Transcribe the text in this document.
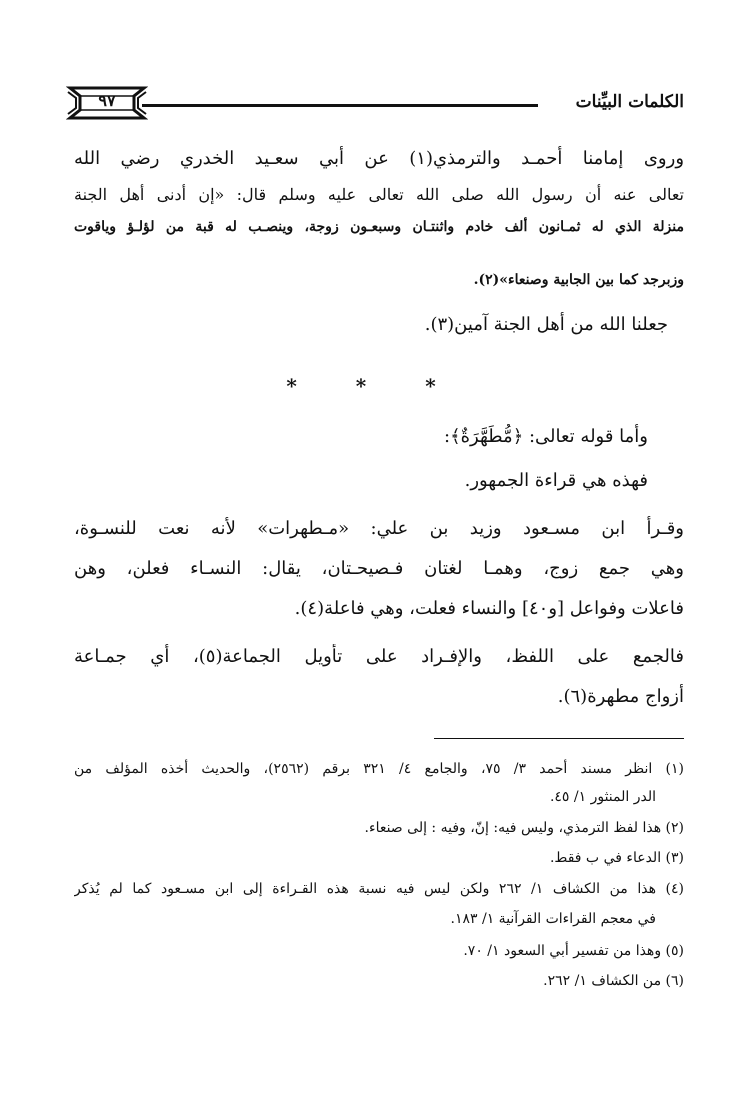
الكلمات البيِّنات
٩٧
وروى إمامنا أحمـد والترمذي(١) عن أبي سعـيد الخدري رضي الله
تعالى عنه أن رسول الله صلى الله تعالى عليه وسلم قال: «إن أدنى أهل الجنة
منزلة الذي له ثمـانون ألف خادم واثنتـان وسبعـون زوجة، وينصـب له قبة من لؤلـؤ وياقوت
وزبرجد كما بين الجابية وصنعاء»(٢).
جعلنا الله من أهل الجنة آمين(٣).
* * *
وأما قوله تعالى: ﴿مُّطَهَّرَةٌ﴾:
فهذه هي قراءة الجمهور.
وقـرأ ابن مسـعود وزيد بن علي: «مـطهرات» لأنه نعت للنسـوة،
وهي جمع زوج، وهمـا لغتان فـصيحـتان، يقال: النسـاء فعلن، وهن
فاعلات وفواعل [و٤٠] والنساء فعلت، وهي فاعلة(٤).
فالجمع على اللفظ، والإفـراد على تأويل الجماعة(٥)، أي جمـاعة
أزواج مطهرة(٦).
(١) انظر مسند أحمد ٣/ ٧٥، والجامع ٤/ ٣٢١ برقم (٢٥٦٢)، والحديث أخذه المؤلف من
الدر المنثور ١/ ٤٥.
(٢) هذا لفظ الترمذي، وليس فيه: إنّ، وفيه : إلى صنعاء.
(٣) الدعاء في ب فقط.
(٤) هذا من الكشاف ١/ ٢٦٢ ولكن ليس فيه نسبة هذه القـراءة إلى ابن مسـعود كما لم يُذكر
في معجم القراءات القرآنية ١/ ١٨٣.
(٥) وهذا من تفسير أبي السعود ١/ ٧٠.
(٦) من الكشاف ١/ ٢٦٢.
